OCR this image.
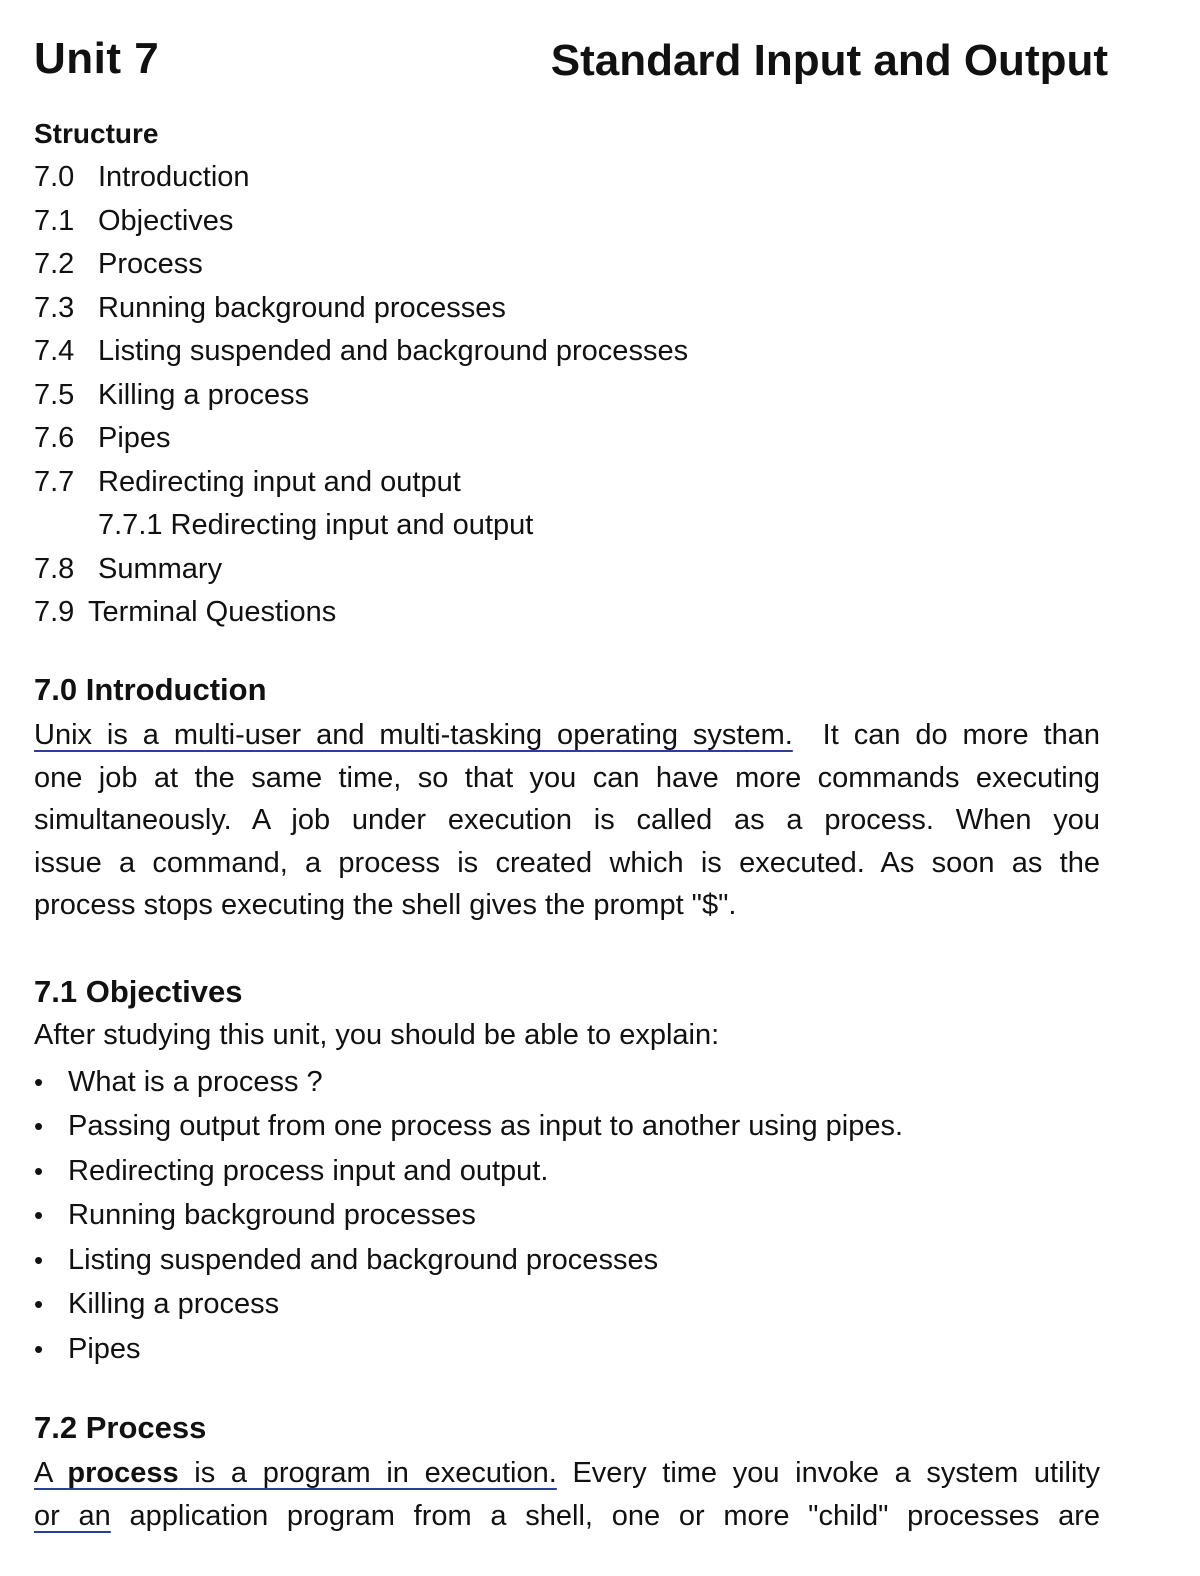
Unit 7	Standard Input and Output
Structure
7.0 Introduction
7.1 Objectives
7.2 Process
7.3 Running background processes
7.4 Listing suspended and background processes
7.5 Killing a process
7.6 Pipes
7.7 Redirecting input and output
7.7.1 Redirecting input and output
7.8 Summary
7.9 Terminal Questions
7.0 Introduction
Unix is a multi-user and multi-tasking operating system. It can do more than
one job at the same time, so that you can have more commands executing
simultaneously. A job under execution is called as a process. When you
issue a command, a process is created which is executed. As soon as the
process stops executing the shell gives the prompt "$".
7.1 Objectives

After studying this unit, you should be able to explain:

• What is a process ?
• Passing output from one process as input to another using pipes.
• Redirecting process input and output.
• Running background processes
• Listing suspended and background processes
• Killing a process
• Pipes
7.2 Process
A process is a program in execution. Every time you invoke a system utility
or an application program from a shell, one or more "child" processes are
